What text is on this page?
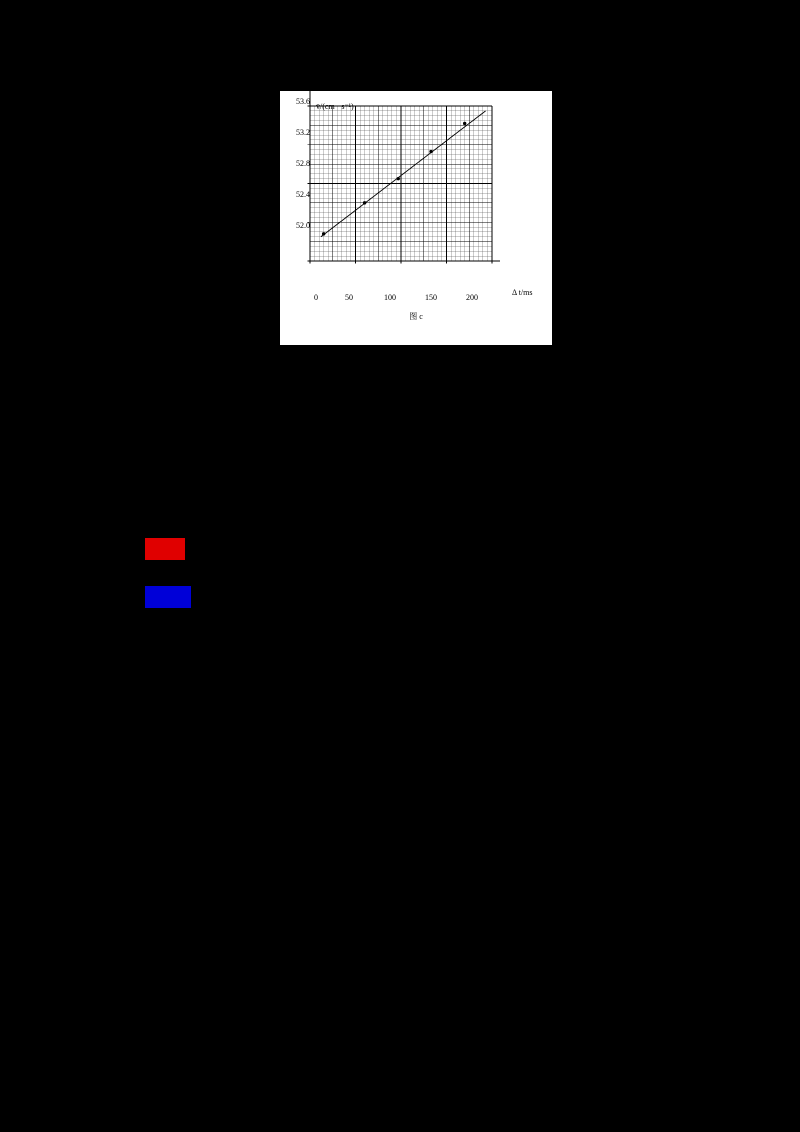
v̄/(cm · s⁻¹)
Δ t/ms
图 c
52.0
52.4
52.8
53.2
53.6
0	50	100	150	200
